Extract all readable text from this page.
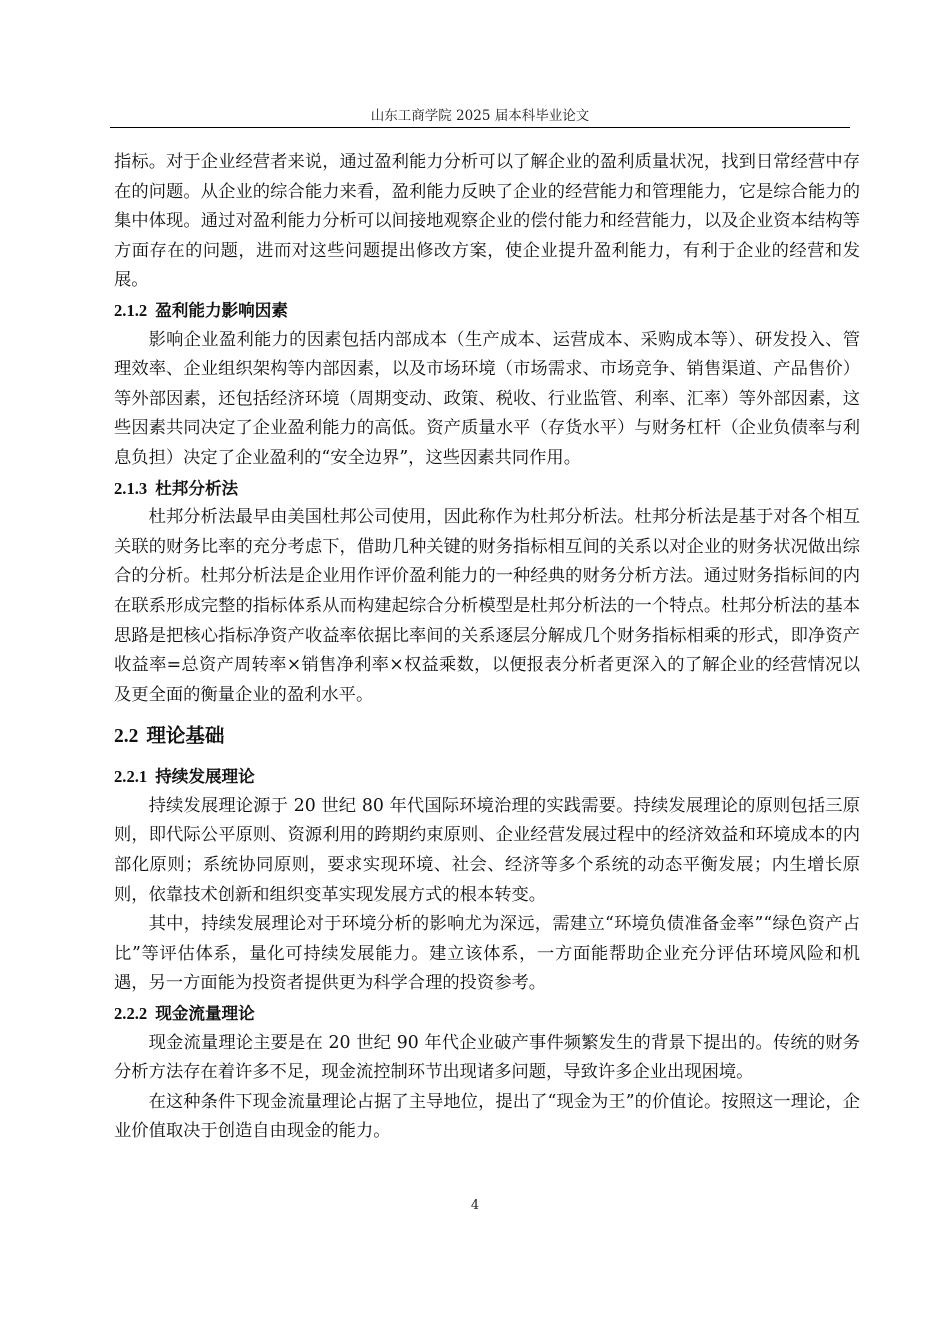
山东工商学院 2025 届本科毕业论文

指标。对于企业经营者来说，通过盈利能力分析可以了解企业的盈利质量状况，找到日常经营中存在的问题。从企业的综合能力来看，盈利能力反映了企业的经营能力和管理能力，它是综合能力的集中体现。通过对盈利能力分析可以间接地观察企业的偿付能力和经营能力，以及企业资本结构等方面存在的问题，进而对这些问题提出修改方案，使企业提升盈利能力，有利于企业的经营和发展。

2.1.2 盈利能力影响因素

影响企业盈利能力的因素包括内部成本（生产成本、运营成本、采购成本等）、研发投入、管理效率、企业组织架构等内部因素，以及市场环境（市场需求、市场竞争、销售渠道、产品售价）等外部因素，还包括经济环境（周期变动、政策、税收、行业监管、利率、汇率）等外部因素，这些因素共同决定了企业盈利能力的高低。资产质量水平（存货水平）与财务杠杆（企业负债率与利息负担）决定了企业盈利的“安全边界”，这些因素共同作用。

2.1.3 杜邦分析法

杜邦分析法最早由美国杜邦公司使用，因此称作为杜邦分析法。杜邦分析法是基于对各个相互关联的财务比率的充分考虑下，借助几种关键的财务指标相互间的关系以对企业的财务状况做出综合的分析。杜邦分析法是企业用作评价盈利能力的一种经典的财务分析方法。通过财务指标间的内在联系形成完整的指标体系从而构建起综合分析模型是杜邦分析法的一个特点。杜邦分析法的基本思路是把核心指标净资产收益率依据比率间的关系逐层分解成几个财务指标相乘的形式，即净资产收益率=总资产周转率×销售净利率×权益乘数，以便报表分析者更深入的了解企业的经营情况以及更全面的衡量企业的盈利水平。

2.2 理论基础
2.2.1 持续发展理论

持续发展理论源于 20 世纪 80 年代国际环境治理的实践需要。持续发展理论的原则包括三原则，即代际公平原则、资源利用的跨期约束原则、企业经营发展过程中的经济效益和环境成本的内部化原则；系统协同原则，要求实现环境、社会、经济等多个系统的动态平衡发展；内生增长原则，依靠技术创新和组织变革实现发展方式的根本转变。

其中，持续发展理论对于环境分析的影响尤为深远，需建立“环境负债准备金率”“绿色资产占比”等评估体系，量化可持续发展能力。建立该体系，一方面能帮助企业充分评估环境风险和机遇，另一方面能为投资者提供更为科学合理的投资参考。

2.2.2 现金流量理论

现金流量理论主要是在 20 世纪 90 年代企业破产事件频繁发生的背景下提出的。传统的财务分析方法存在着许多不足，现金流控制环节出现诸多问题，导致许多企业出现困境。

在这种条件下现金流量理论占据了主导地位，提出了“现金为王”的价值论。按照这一理论，企业价值取决于创造自由现金的能力。

4
